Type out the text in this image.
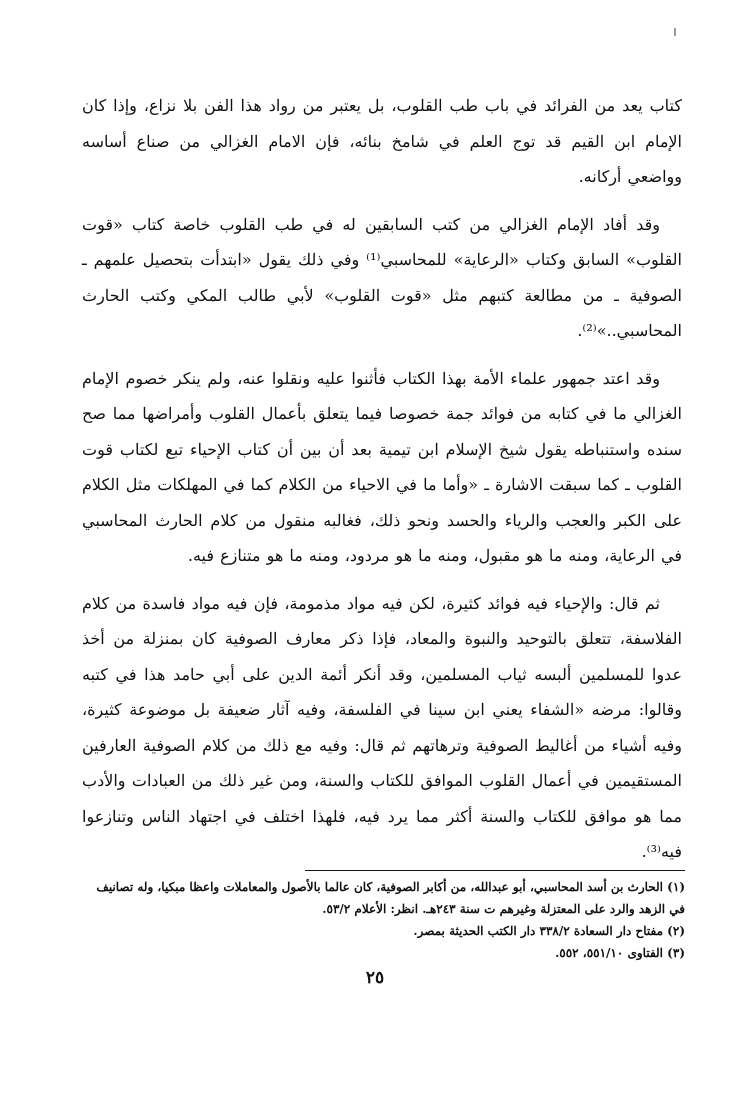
كتاب يعد من الفرائد في باب طب القلوب، بل يعتبر من رواد هذا الفن بلا نزاع، وإذا كان الإمام ابن القيم قد توج العلم في شامخ بنائه، فإن الامام الغزالي من صناع أساسه وواضعي أركانه.

وقد أفاد الإمام الغزالي من كتب السابقين له في طب القلوب خاصة كتاب «قوت القلوب» السابق وكتاب «الرعاية» للمحاسبي⁽¹⁾ وفي ذلك يقول «ابتدأت بتحصيل علمهم ـ الصوفية ـ من مطالعة كتبهم مثل «قوت القلوب» لأبي طالب المكي وكتب الحارث المحاسبي..»⁽²⁾.

وقد اعتد جمهور علماء الأمة بهذا الكتاب فأثنوا عليه ونقلوا عنه، ولم ينكر خصوم الإمام الغزالي ما في كتابه من فوائد جمة خصوصا فيما يتعلق بأعمال القلوب وأمراضها مما صح سنده واستنباطه يقول شيخ الإسلام ابن تيمية بعد أن بين أن كتاب الإحياء تبع لكتاب قوت القلوب ـ كما سبقت الاشارة ـ «وأما ما في الاحياء من الكلام كما في المهلكات مثل الكلام على الكبر والعجب والرياء والحسد ونحو ذلك، فغالبه منقول من كلام الحارث المحاسبي في الرعاية، ومنه ما هو مقبول، ومنه ما هو مردود، ومنه ما هو متنازع فيه.

ثم قال: والإحياء فيه فوائد كثيرة، لكن فيه مواد مذمومة، فإن فيه مواد فاسدة من كلام الفلاسفة، تتعلق بالتوحيد والنبوة والمعاد، فإذا ذكر معارف الصوفية كان بمنزلة من أخذ عدوا للمسلمين ألبسه ثياب المسلمين، وقد أنكر أئمة الدين على أبي حامد هذا في كتبه وقالوا: مرضه «الشفاء يعني ابن سينا في الفلسفة، وفيه آثار ضعيفة بل موضوعة كثيرة، وفيه أشياء من أغاليط الصوفية وترهاتهم ثم قال: وفيه مع ذلك من كلام الصوفية العارفين المستقيمين في أعمال القلوب الموافق للكتاب والسنة، ومن غير ذلك من العبادات والأدب مما هو موافق للكتاب والسنة أكثر مما يرد فيه، فلهذا اختلف في اجتهاد الناس وتنازعوا فيه⁽³⁾.

(١) الحارث بن أسد المحاسبي، أبو عبدالله، من أكابر الصوفية، كان عالما بالأصول والمعاملات واعظا مبكيا، وله تصانيف في الزهد والرد على المعتزلة وغيرهم ت سنة ٢٤٣هـ. انظر: الأعلام ٥٣/٢.

(٢) مفتاح دار السعادة ٣٣٨/٢ دار الكتب الحديثة بمصر.

(٣) الفتاوى ٥٥١/١٠، ٥٥٢.

٢٥
